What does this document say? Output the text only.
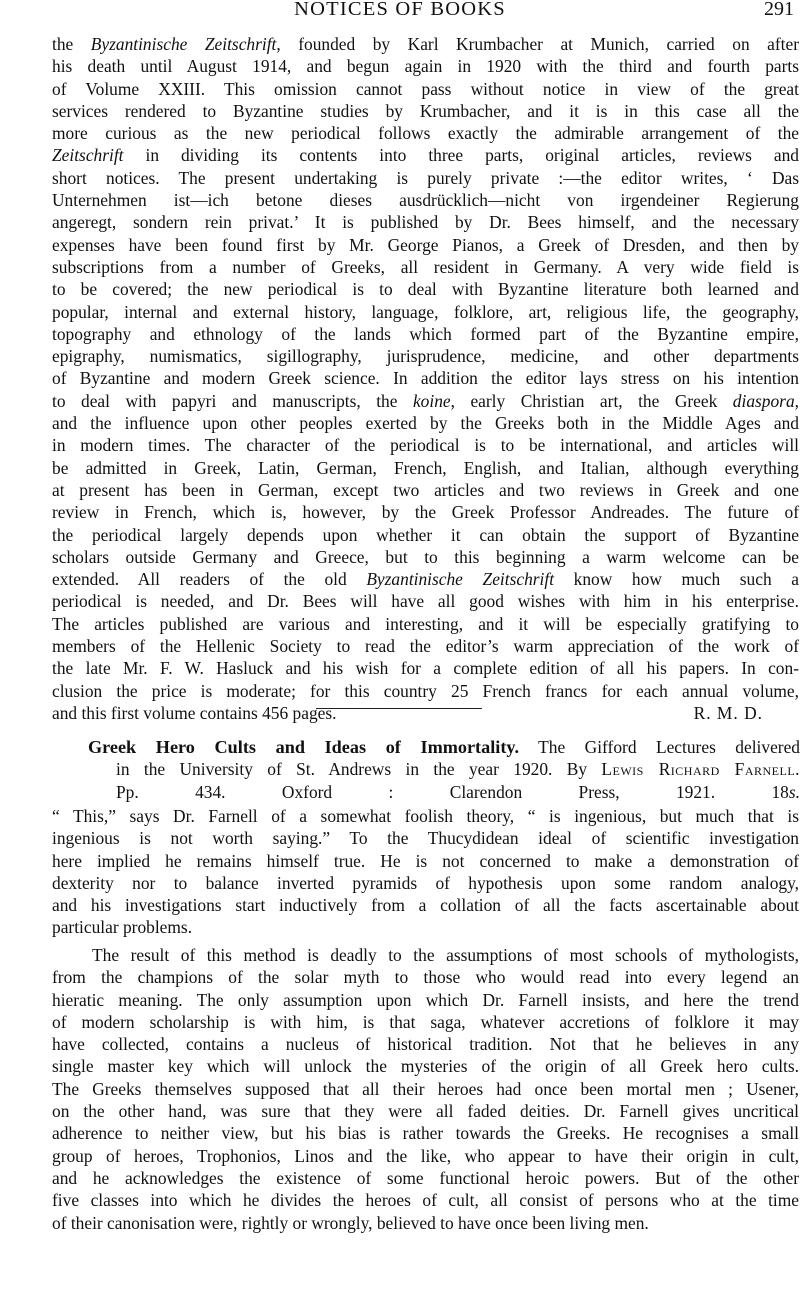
NOTICES OF BOOKS	291
the Byzantinische Zeitschrift, founded by Karl Krumbacher at Munich, carried on after
his death until August 1914, and begun again in 1920 with the third and fourth parts
of Volume XXIII. This omission cannot pass without notice in view of the great
services rendered to Byzantine studies by Krumbacher, and it is in this case all the
more curious as the new periodical follows exactly the admirable arrangement of the
Zeitschrift in dividing its contents into three parts, original articles, reviews and
short notices. The present undertaking is purely private :—the editor writes, ‘ Das
Unternehmen ist—ich betone dieses ausdrücklich—nicht von irgendeiner Regierung
angeregt, sondern rein privat.’ It is published by Dr. Bees himself, and the necessary
expenses have been found first by Mr. George Pianos, a Greek of Dresden, and then by
subscriptions from a number of Greeks, all resident in Germany. A very wide field is
to be covered; the new periodical is to deal with Byzantine literature both learned and
popular, internal and external history, language, folklore, art, religious life, the geography,
topography and ethnology of the lands which formed part of the Byzantine empire,
epigraphy, numismatics, sigillography, jurisprudence, medicine, and other departments
of Byzantine and modern Greek science. In addition the editor lays stress on his intention
to deal with papyri and manuscripts, the koine, early Christian art, the Greek diaspora,
and the influence upon other peoples exerted by the Greeks both in the Middle Ages and
in modern times. The character of the periodical is to be international, and articles will
be admitted in Greek, Latin, German, French, English, and Italian, although everything
at present has been in German, except two articles and two reviews in Greek and one
review in French, which is, however, by the Greek Professor Andreades. The future of
the periodical largely depends upon whether it can obtain the support of Byzantine
scholars outside Germany and Greece, but to this beginning a warm welcome can be
extended. All readers of the old Byzantinische Zeitschrift know how much such a
periodical is needed, and Dr. Bees will have all good wishes with him in his enterprise.
The articles published are various and interesting, and it will be especially gratifying to
members of the Hellenic Society to read the editor’s warm appreciation of the work of
the late Mr. F. W. Hasluck and his wish for a complete edition of all his papers. In con-
clusion the price is moderate; for this country 25 French francs for each annual volume,
and this first volume contains 456 pages.	R. M. D.
Greek Hero Cults and Ideas of Immortality. The Gifford Lectures delivered
in the University of St. Andrews in the year 1920. By Lewis Richard Farnell.
Pp. 434. Oxford : Clarendon Press, 1921. 18s.
“ This,” says Dr. Farnell of a somewhat foolish theory, “ is ingenious, but much that is
ingenious is not worth saying.” To the Thucydidean ideal of scientific investigation
here implied he remains himself true. He is not concerned to make a demonstration of
dexterity nor to balance inverted pyramids of hypothesis upon some random analogy,
and his investigations start inductively from a collation of all the facts ascertainable about
particular problems.
The result of this method is deadly to the assumptions of most schools of mythologists,
from the champions of the solar myth to those who would read into every legend an
hieratic meaning. The only assumption upon which Dr. Farnell insists, and here the trend
of modern scholarship is with him, is that saga, whatever accretions of folklore it may
have collected, contains a nucleus of historical tradition. Not that he believes in any
single master key which will unlock the mysteries of the origin of all Greek hero cults.
The Greeks themselves supposed that all their heroes had once been mortal men ; Usener,
on the other hand, was sure that they were all faded deities. Dr. Farnell gives uncritical
adherence to neither view, but his bias is rather towards the Greeks. He recognises a small
group of heroes, Trophonios, Linos and the like, who appear to have their origin in cult,
and he acknowledges the existence of some functional heroic powers. But of the other
five classes into which he divides the heroes of cult, all consist of persons who at the time
of their canonisation were, rightly or wrongly, believed to have once been living men.
